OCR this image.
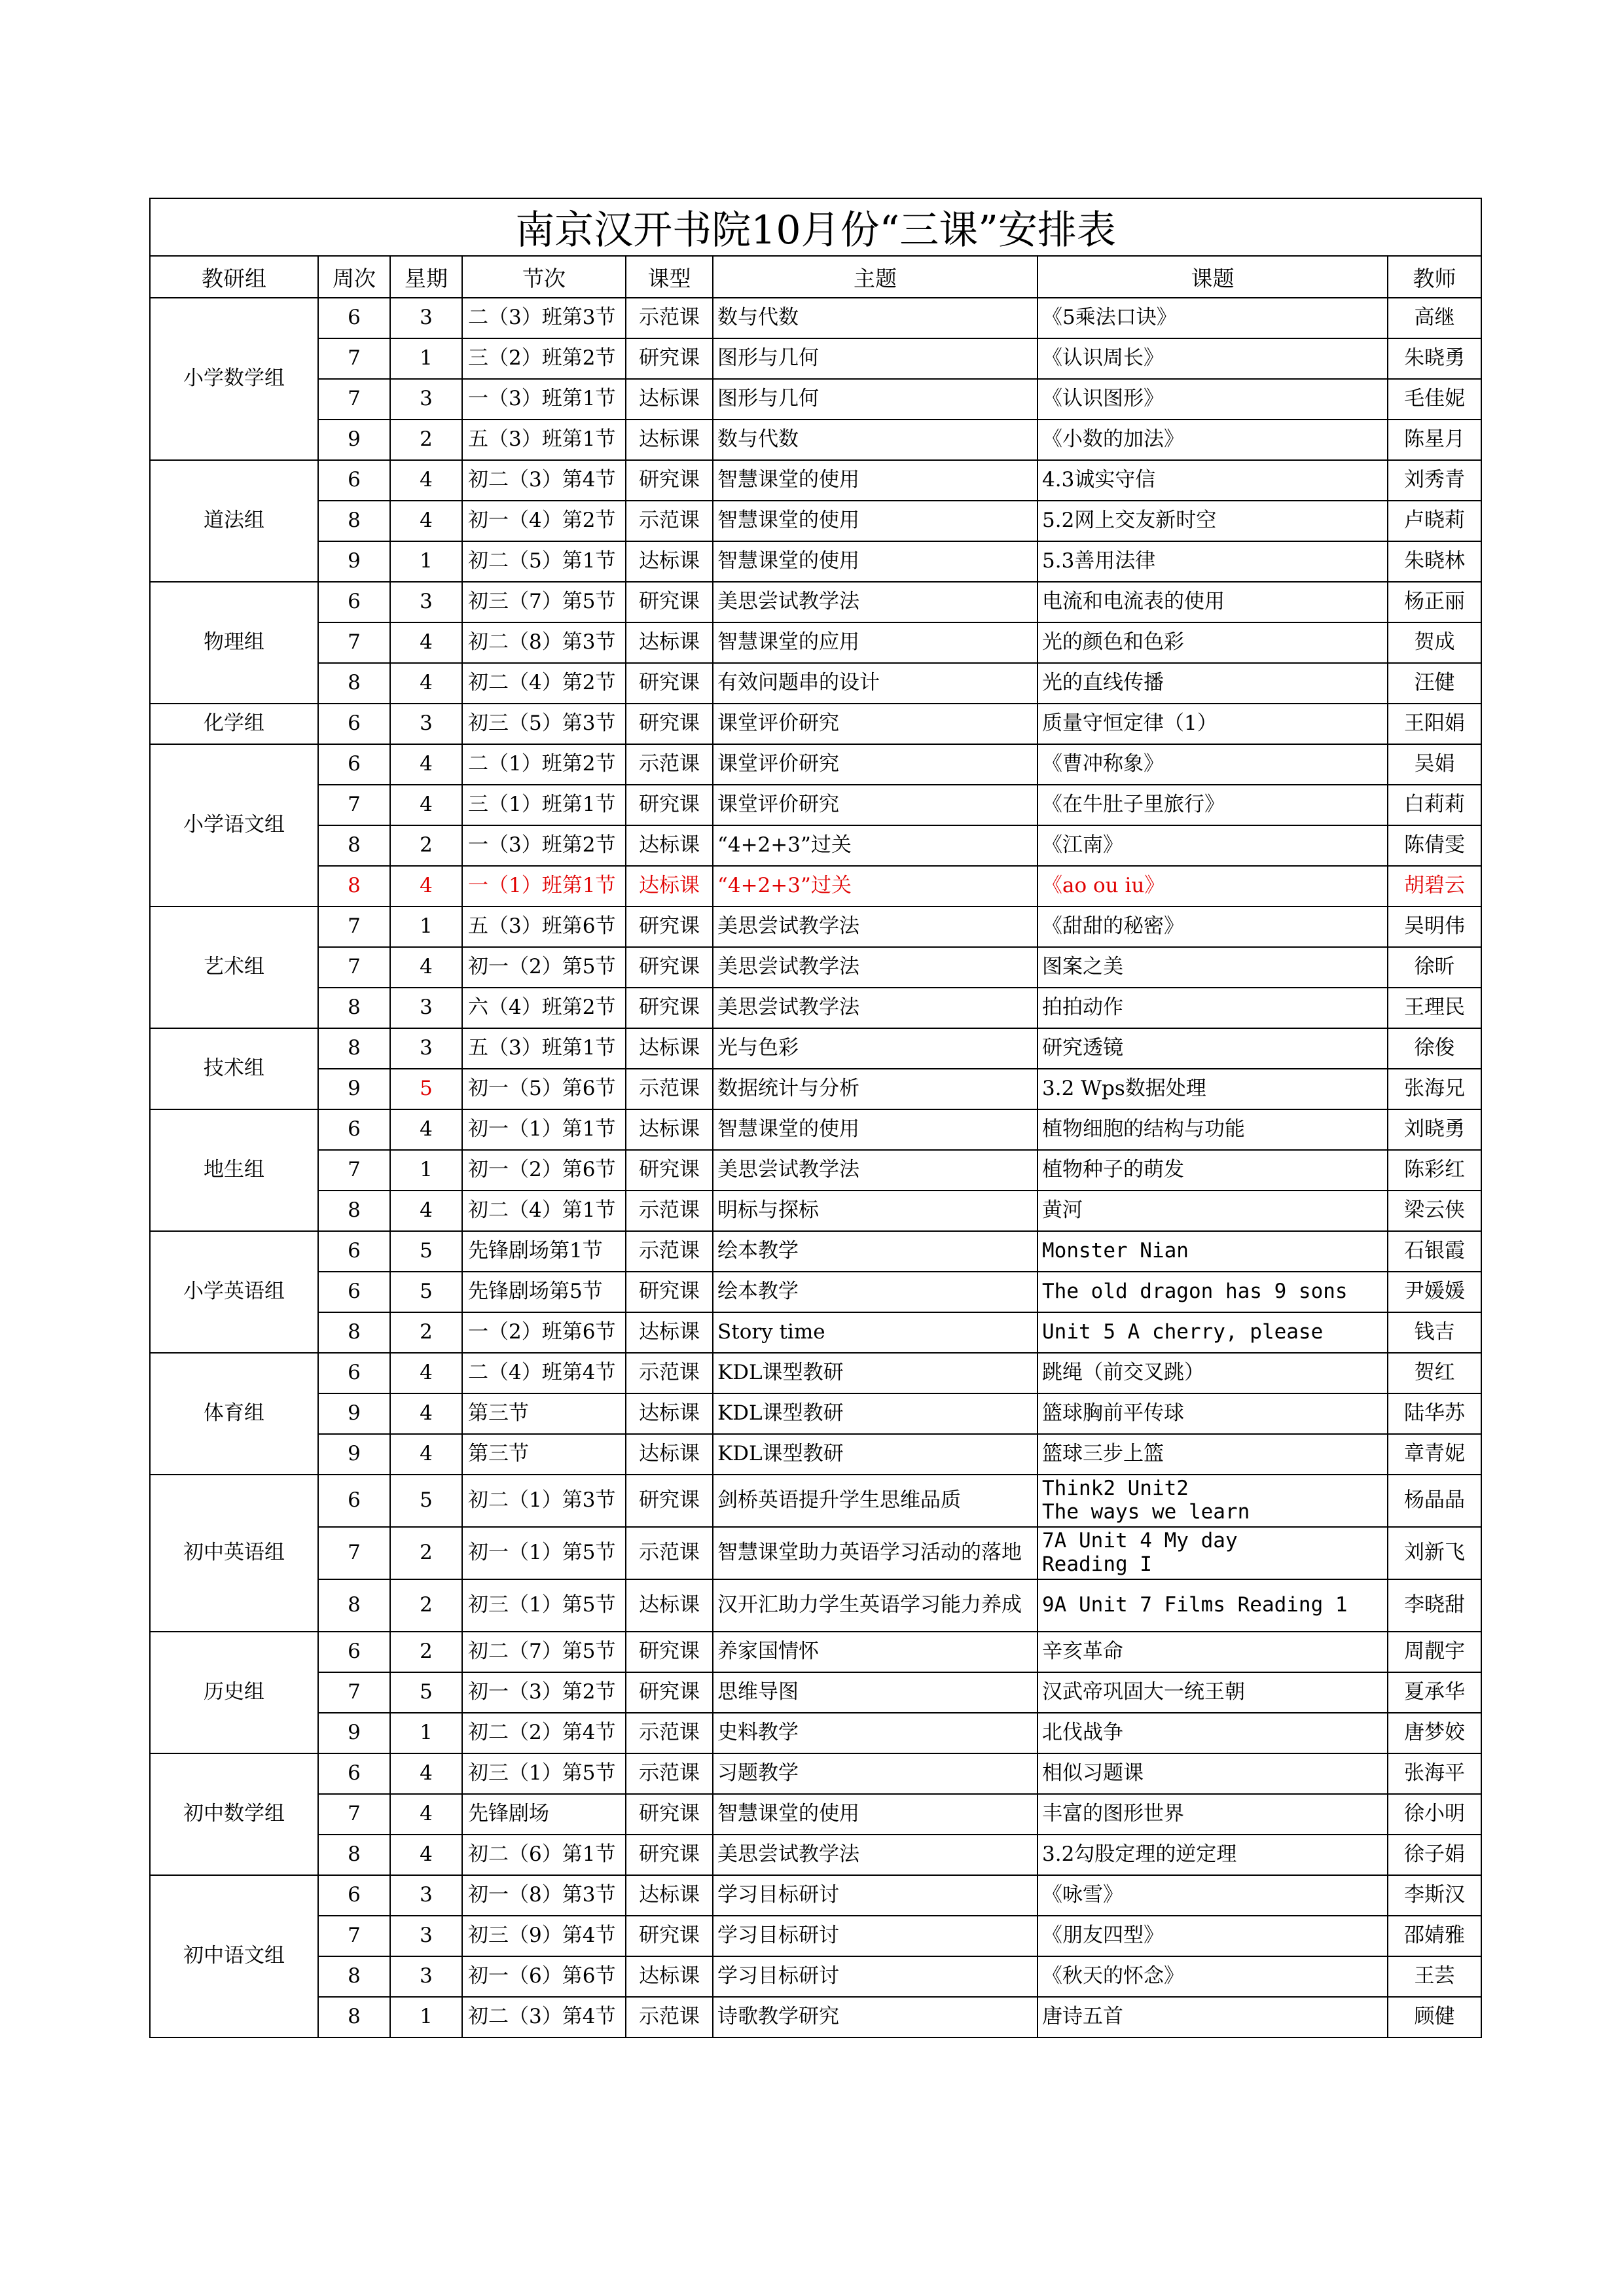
南京汉开书院10月份“三课”安排表							
教研组	周次	星期	节次	课型	主题	课题	教师
小学数学组	6	3	二（3）班第3节	示范课	数与代数	《5乘法口诀》	高继

	7	1	三（2）班第2节	研究课	图形与几何	《认识周长》	朱晓勇

	7	3	一（3）班第1节	达标课	图形与几何	《认识图形》	毛佳妮

	9	2	五（3）班第1节	达标课	数与代数	《小数的加法》	陈星月

道法组	6	4	初二（3）第4节	研究课	智慧课堂的使用	4.3诚实守信	刘秀青

	8	4	初一（4）第2节	示范课	智慧课堂的使用	5.2网上交友新时空	卢晓莉

	9	1	初二（5）第1节	达标课	智慧课堂的使用	5.3善用法律	朱晓林

物理组	6	3	初三（7）第5节	研究课	美思尝试教学法	电流和电流表的使用	杨正丽

	7	4	初二（8）第3节	达标课	智慧课堂的应用	光的颜色和色彩	贺成

	8	4	初二（4）第2节	研究课	有效问题串的设计	光的直线传播	汪健

化学组	6	3	初三（5）第3节	研究课	课堂评价研究	质量守恒定律（1）	王阳娟

小学语文组	6	4	二（1）班第2节	示范课	课堂评价研究	《曹冲称象》	吴娟

	7	4	三（1）班第1节	研究课	课堂评价研究	《在牛肚子里旅行》	白莉莉

	8	2	一（3）班第2节	达标课	“4+2+3”过关	《江南》	陈倩雯

	8	4	一（1）班第1节	达标课	“4+2+3”过关	《ao ou iu》	胡碧云

艺术组	7	1	五（3）班第6节	研究课	美思尝试教学法	《甜甜的秘密》	吴明伟

	7	4	初一（2）第5节	研究课	美思尝试教学法	图案之美	徐昕

	8	3	六（4）班第2节	研究课	美思尝试教学法	拍拍动作	王理民

技术组	8	3	五（3）班第1节	达标课	光与色彩	研究透镜	徐俊

	9	5	初一（5）第6节	示范课	数据统计与分析	3.2 Wps数据处理	张海兄

地生组	6	4	初一（1）第1节	达标课	智慧课堂的使用	植物细胞的结构与功能	刘晓勇

	7	1	初一（2）第6节	研究课	美思尝试教学法	植物种子的萌发	陈彩红

	8	4	初二（4）第1节	示范课	明标与探标	黄河	梁云侠

小学英语组	6	5	先锋剧场第1节	示范课	绘本教学	Monster Nian	石银霞

	6	5	先锋剧场第5节	研究课	绘本教学	The old dragon has 9 sons	尹媛媛

	8	2	一（2）班第6节	达标课	Story time	Unit 5 A cherry, please	钱吉

体育组	6	4	二（4）班第4节	示范课	KDL课型教研	跳绳（前交叉跳）	贺红

	9	4	第三节	达标课	KDL课型教研	篮球胸前平传球	陆华苏

	9	4	第三节	达标课	KDL课型教研	篮球三步上篮	章青妮

初中英语组	6	5	初二（1）第3节	研究课	剑桥英语提升学生思维品质	Think2 Unit2
The ways we learn	杨晶晶

	7	2	初一（1）第5节	示范课	智慧课堂助力英语学习活动的落地	7A Unit 4 My day
Reading I	刘新飞

	8	2	初三（1）第5节	达标课	汉开汇助力学生英语学习能力养成	9A Unit 7 Films Reading 1	李晓甜

历史组	6	2	初二（7）第5节	研究课	养家国情怀	辛亥革命	周靓宇

	7	5	初一（3）第2节	研究课	思维导图	汉武帝巩固大一统王朝	夏承华

	9	1	初二（2）第4节	示范课	史料教学	北伐战争	唐梦姣

初中数学组	6	4	初三（1）第5节	示范课	习题教学	相似习题课	张海平

	7	4	先锋剧场	研究课	智慧课堂的使用	丰富的图形世界	徐小明

	8	4	初二（6）第1节	研究课	美思尝试教学法	3.2勾股定理的逆定理	徐子娟

初中语文组	6	3	初一（8）第3节	达标课	学习目标研讨	《咏雪》	李斯汉

	7	3	初三（9）第4节	研究课	学习目标研讨	《朋友四型》	邵婧雅

	8	3	初一（6）第6节	达标课	学习目标研讨	《秋天的怀念》	王芸

	8	1	初二（3）第4节	示范课	诗歌教学研究	唐诗五首	顾健
